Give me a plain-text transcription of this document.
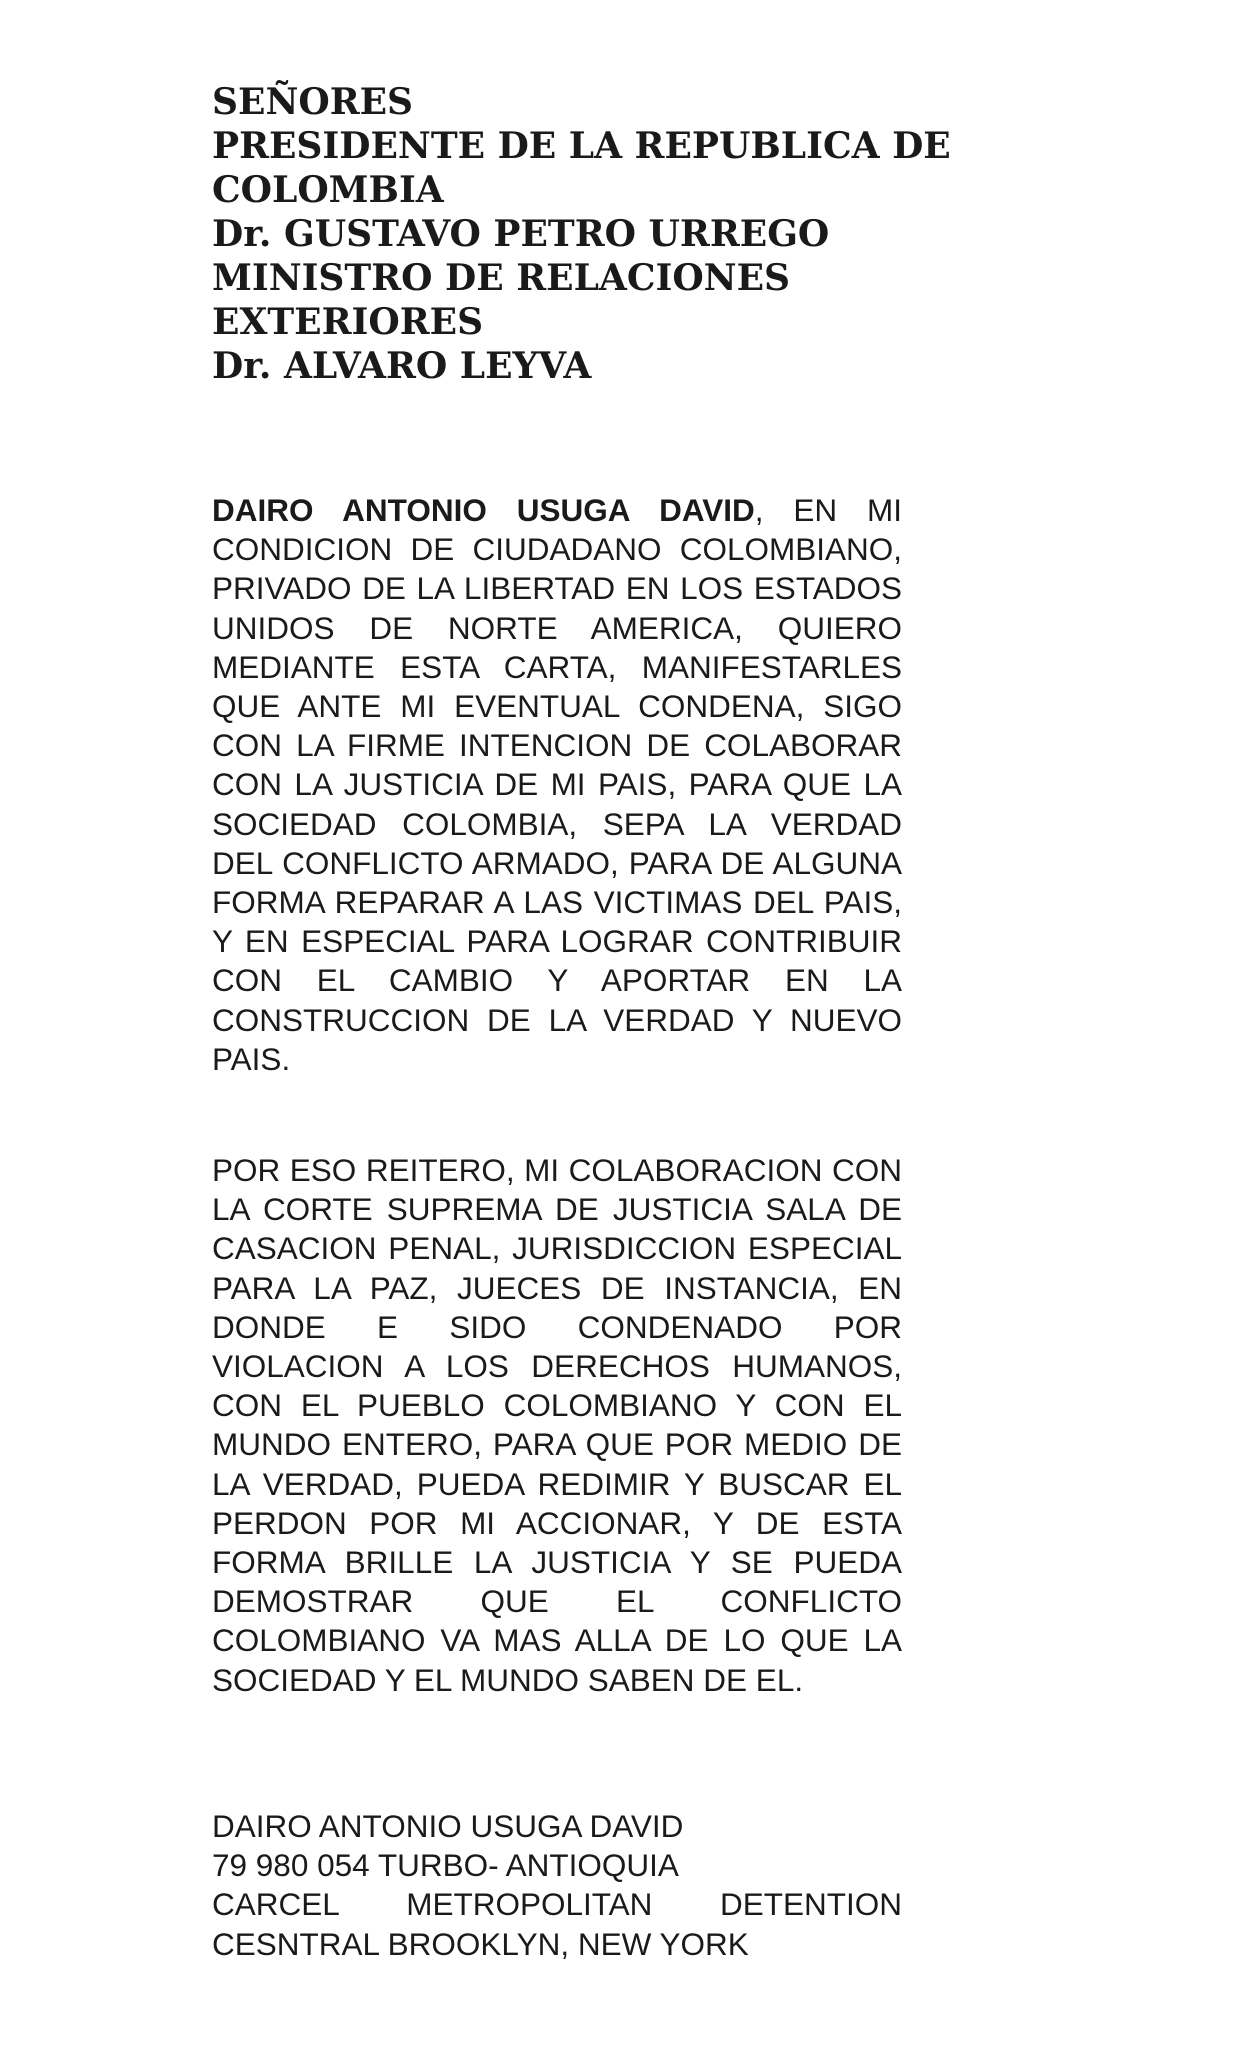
SEÑORES
PRESIDENTE DE LA REPUBLICA DE
COLOMBIA
Dr. GUSTAVO PETRO URREGO
MINISTRO DE RELACIONES
EXTERIORES
Dr. ALVARO LEYVA
DAIRO ANTONIO USUGA DAVID, EN MI CONDICION DE CIUDADANO COLOMBIANO, PRIVADO DE LA LIBERTAD EN LOS ESTADOS UNIDOS DE NORTE AMERICA, QUIERO MEDIANTE ESTA CARTA, MANIFESTARLES QUE ANTE MI EVENTUAL CONDENA, SIGO CON LA FIRME INTENCION DE COLABORAR CON LA JUSTICIA DE MI PAIS, PARA QUE LA SOCIEDAD COLOMBIA, SEPA LA VERDAD DEL CONFLICTO ARMADO, PARA DE ALGUNA FORMA REPARAR A LAS VICTIMAS DEL PAIS, Y EN ESPECIAL PARA LOGRAR CONTRIBUIR CON EL CAMBIO Y APORTAR EN LA CONSTRUCCION DE LA VERDAD Y NUEVO PAIS.
POR ESO REITERO, MI COLABORACION CON LA CORTE SUPREMA DE JUSTICIA SALA DE CASACION PENAL, JURISDICCION ESPECIAL PARA LA PAZ, JUECES DE INSTANCIA, EN DONDE E SIDO CONDENADO POR VIOLACION A LOS DERECHOS HUMANOS, CON EL PUEBLO COLOMBIANO Y CON EL MUNDO ENTERO, PARA QUE POR MEDIO DE LA VERDAD, PUEDA REDIMIR Y BUSCAR EL PERDON POR MI ACCIONAR, Y DE ESTA FORMA BRILLE LA JUSTICIA Y SE PUEDA DEMOSTRAR QUE EL CONFLICTO COLOMBIANO VA MAS ALLA DE LO QUE LA SOCIEDAD Y EL MUNDO SABEN DE EL.
DAIRO ANTONIO USUGA DAVID
79 980 054 TURBO- ANTIOQUIA
CARCEL METROPOLITAN DETENTION
CESNTRAL BROOKLYN, NEW YORK
